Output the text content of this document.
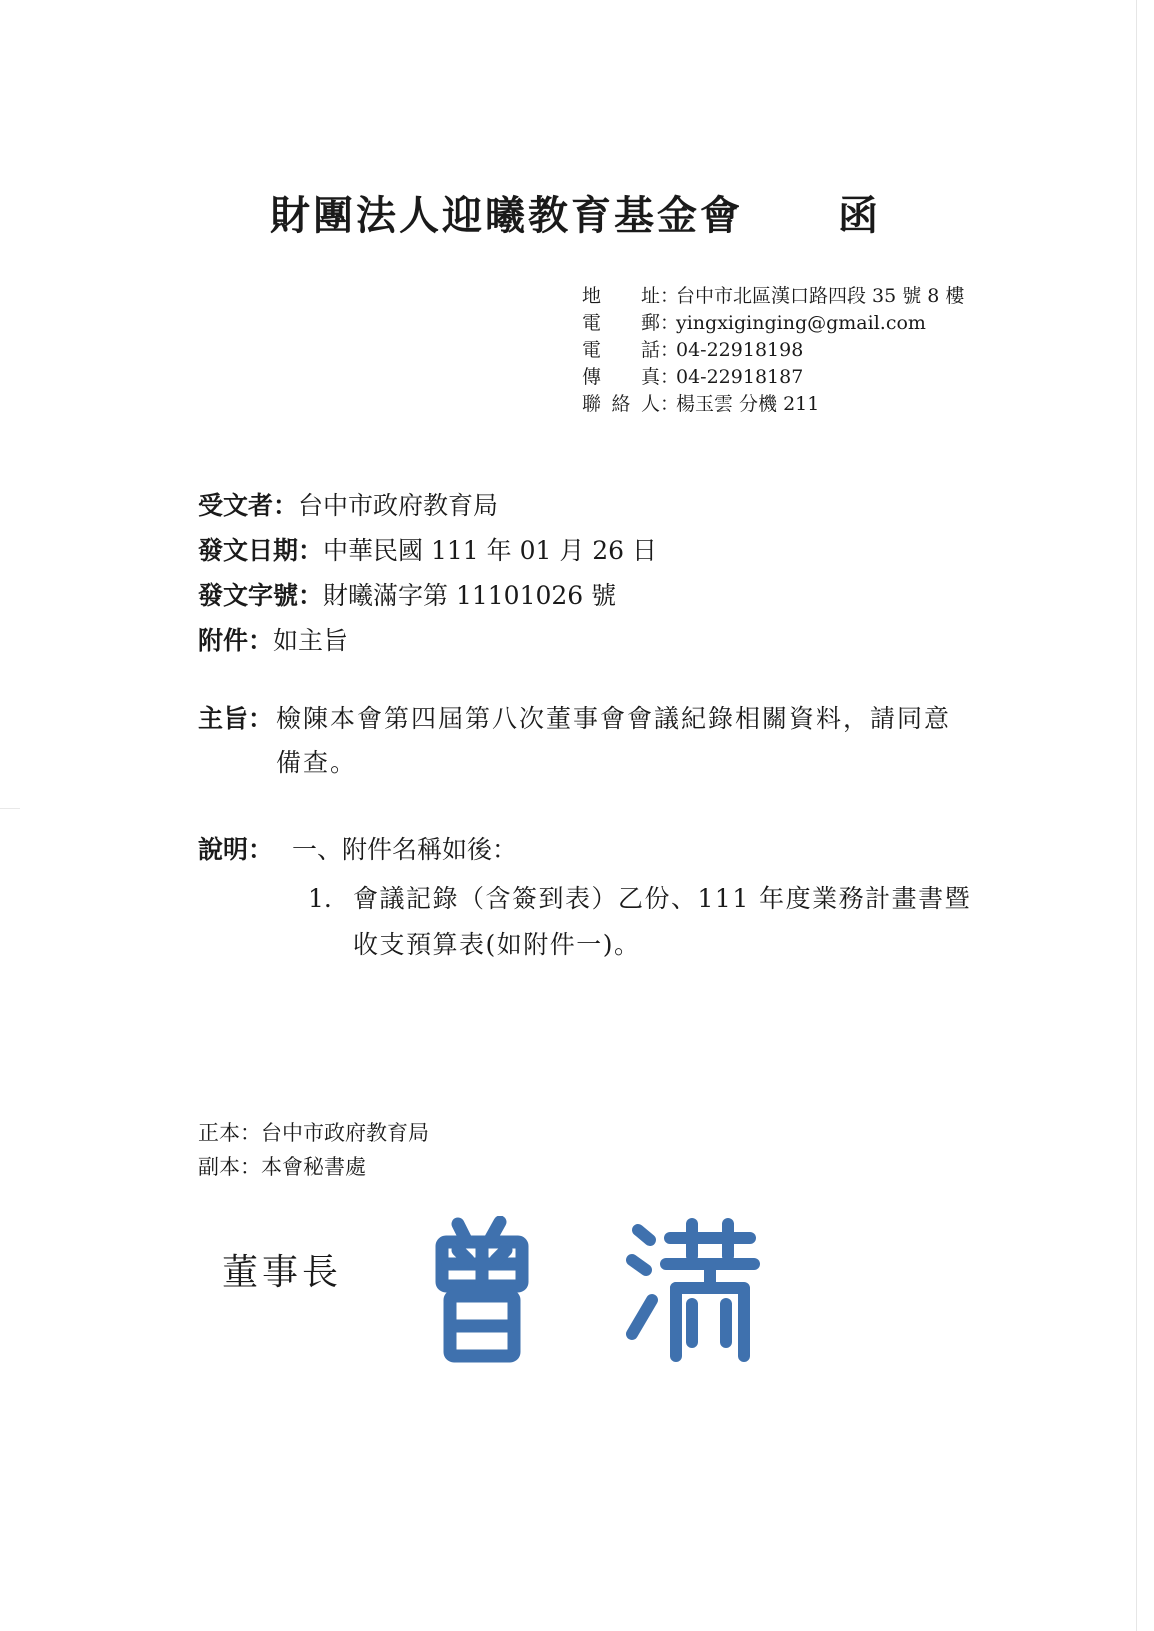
財團法人迎曦教育基金會 函
地址 ：
台中市北區漢口路四段 35 號 8 樓
電郵 ：
yingxiginging@gmail.com
電話 ：
04-22918198
傳真 ：
04-22918187
聯絡人 ：
楊玉雲 分機 211
受文者：台中市政府教育局
發文日期：中華民國 111 年 01 月 26 日
發文字號：財曦滿字第 11101026 號
附件：如主旨
主旨： 檢陳本會第四屆第八次董事會會議紀錄相關資料，請同意備查。
說明： 一、附件名稱如後：
1. 會議記錄（含簽到表）乙份、111 年度業務計畫書暨收支預算表(如附件一)。
正本：台中市政府教育局
副本：本會秘書處
董事長
